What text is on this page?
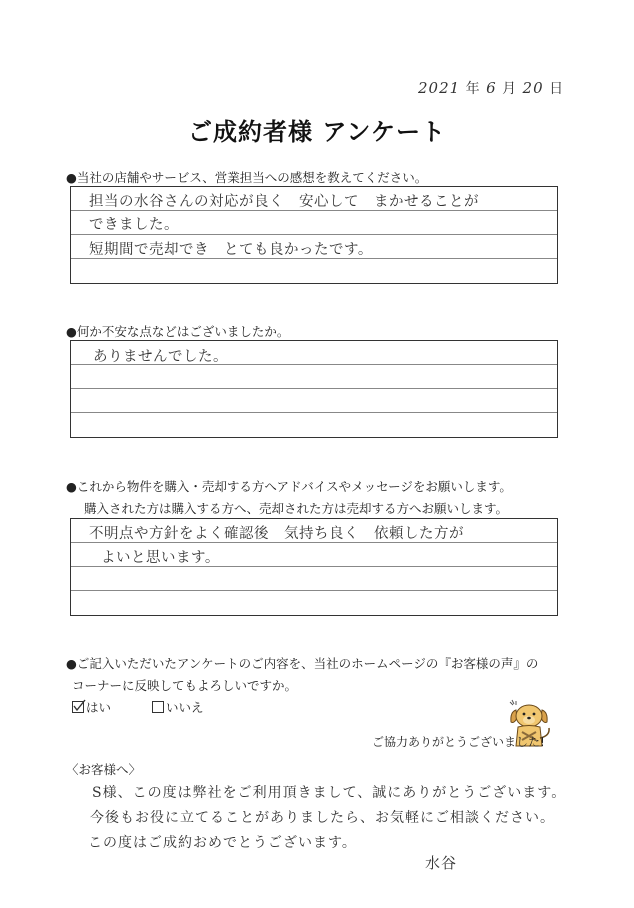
2021 年 6 月 20 日
ご成約者様 アンケート
●当社の店舗やサービス、営業担当への感想を教えてください。
担当の水谷さんの対応が良く　安心して　まかせることが
できました。
短期間で売却でき　とても良かったです。
●何か不安な点などはございましたか。
ありませんでした。
●これから物件を購入・売却する方へアドバイスやメッセージをお願いします。
購入された方は購入する方へ、売却された方は売却する方へお願いします。
不明点や方針をよく確認後　気持ち良く　依頼した方が
よいと思います。
●ご記入いただいたアンケートのご内容を、当社のホームページの『お客様の声』の
コーナーに反映してもよろしいですか。
はい	いいえ
ご協力ありがとうございました!
〈お客様へ〉
S様、この度は弊社をご利用頂きまして、誠にありがとうございます。
今後もお役に立てることがありましたら、お気軽にご相談ください。
この度はご成約おめでとうございます。
水谷
